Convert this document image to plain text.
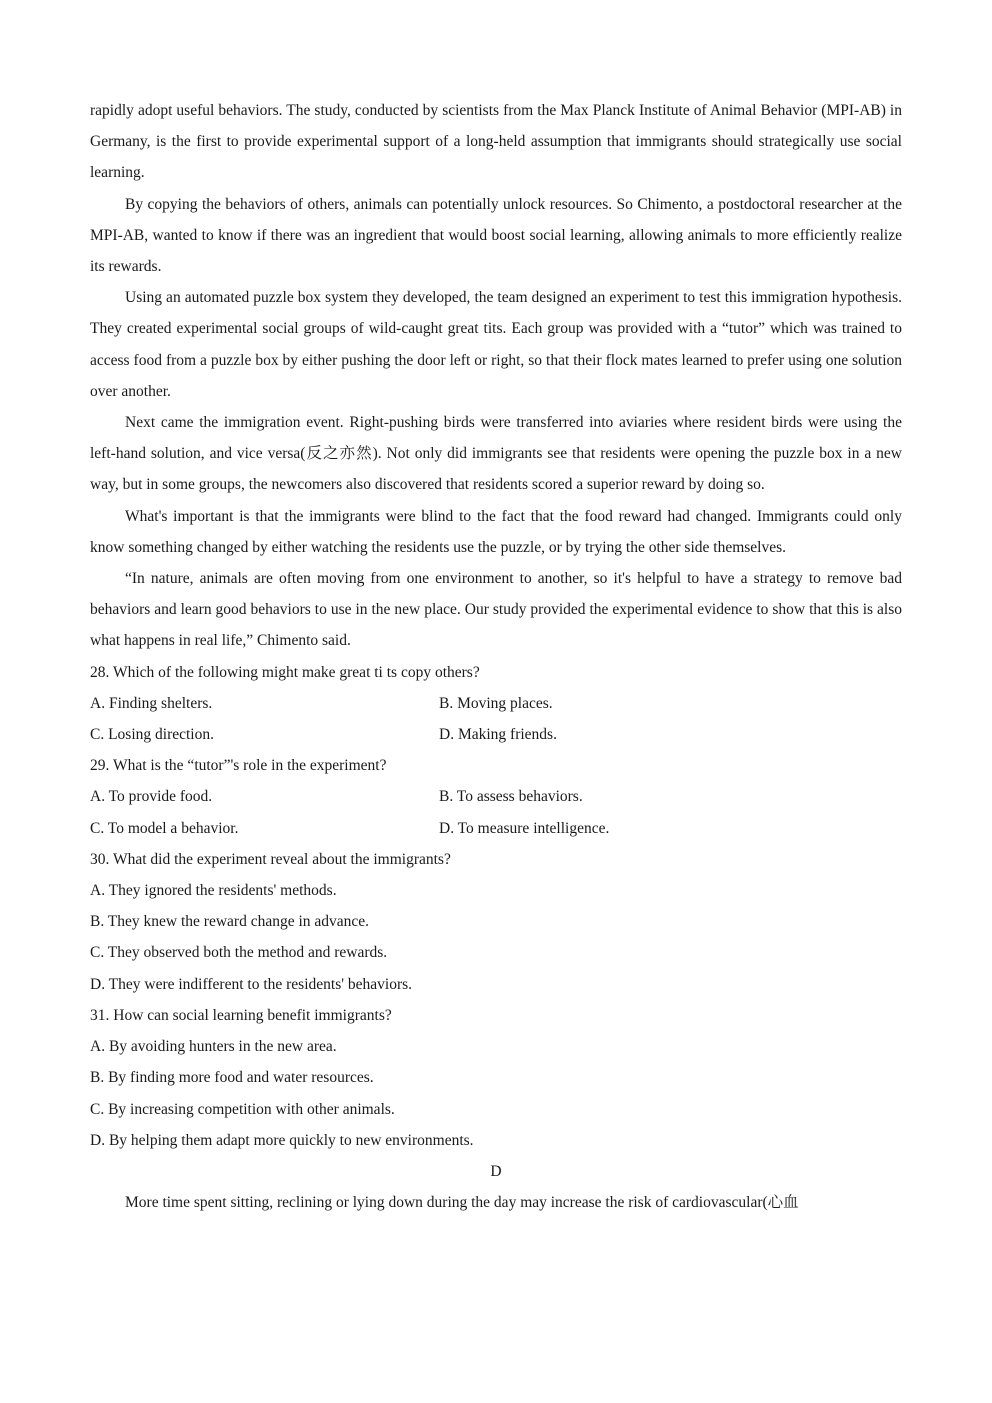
rapidly adopt useful behaviors. The study, conducted by scientists from the Max Planck Institute of Animal Behavior (MPI-AB) in Germany, is the first to provide experimental support of a long-held assumption that immigrants should strategically use social learning.

By copying the behaviors of others, animals can potentially unlock resources. So Chimento, a postdoctoral researcher at the MPI-AB, wanted to know if there was an ingredient that would boost social learning, allowing animals to more efficiently realize its rewards.

Using an automated puzzle box system they developed, the team designed an experiment to test this immigration hypothesis. They created experimental social groups of wild-caught great tits. Each group was provided with a “tutor” which was trained to access food from a puzzle box by either pushing the door left or right, so that their flock mates learned to prefer using one solution over another.

Next came the immigration event. Right-pushing birds were transferred into aviaries where resident birds were using the left-hand solution, and vice versa(反之亦然). Not only did immigrants see that residents were opening the puzzle box in a new way, but in some groups, the newcomers also discovered that residents scored a superior reward by doing so.

What's important is that the immigrants were blind to the fact that the food reward had changed. Immigrants could only know something changed by either watching the residents use the puzzle, or by trying the other side themselves.

“In nature, animals are often moving from one environment to another, so it's helpful to have a strategy to remove bad behaviors and learn good behaviors to use in the new place. Our study provided the experimental evidence to show that this is also what happens in real life,” Chimento said.

28. Which of the following might make great ti ts copy others?

A. Finding shelters.	B. Moving places.
C. Losing direction.	D. Making friends.

29. What is the “tutor”'s role in the experiment?

A. To provide food.	B. To assess behaviors.
C. To model a behavior.	D. To measure intelligence.

30. What did the experiment reveal about the immigrants?

A. They ignored the residents' methods.

B. They knew the reward change in advance.

C. They observed both the method and rewards.

D. They were indifferent to the residents' behaviors.

31. How can social learning benefit immigrants?

A. By avoiding hunters in the new area.

B. By finding more food and water resources.

C. By increasing competition with other animals.

D. By helping them adapt more quickly to new environments.

D

More time spent sitting, reclining or lying down during the day may increase the risk of cardiovascular(心血
